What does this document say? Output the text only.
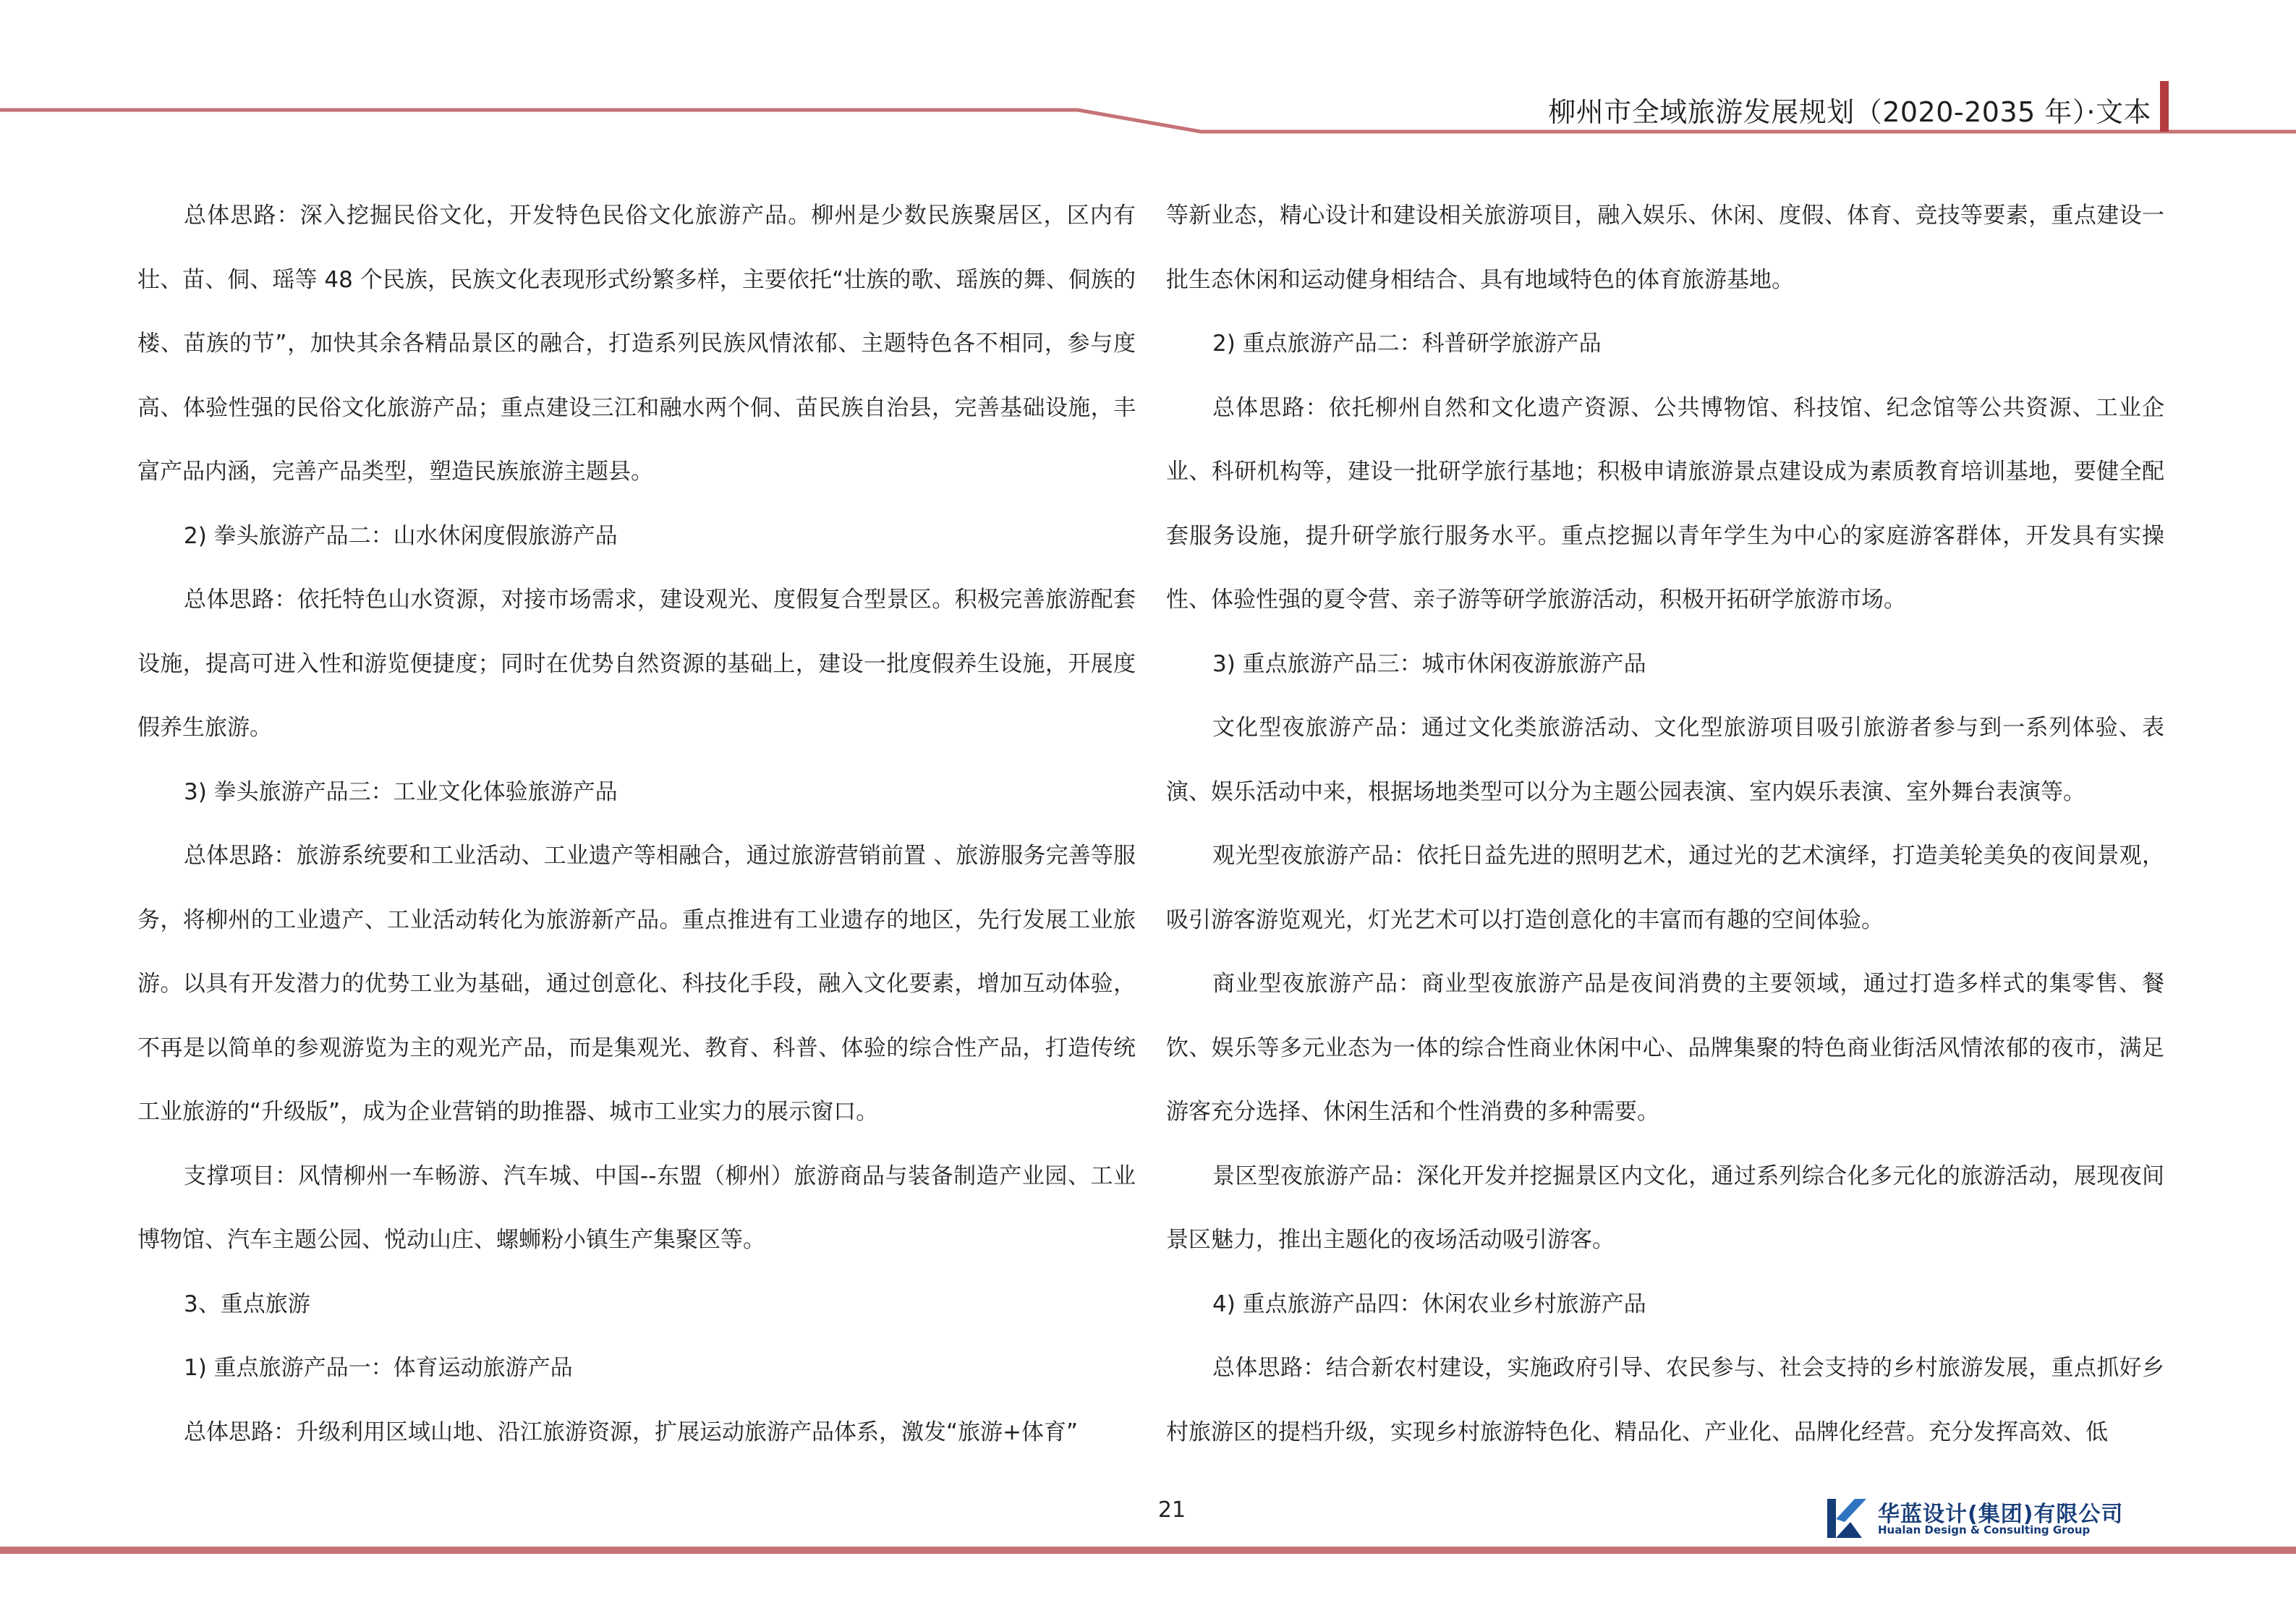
柳州市全域旅游发展规划（2020-2035 年）·文本

总体思路：深入挖掘民俗文化，开发特色民俗文化旅游产品。柳州是少数民族聚居区，区内有壮、苗、侗、瑶等 48 个民族，民族文化表现形式纷繁多样，主要依托“壮族的歌、瑶族的舞、侗族的楼、苗族的节”，加快其余各精品景区的融合，打造系列民族风情浓郁、主题特色各不相同，参与度高、体验性强的民俗文化旅游产品；重点建设三江和融水两个侗、苗民族自治县，完善基础设施，丰富产品内涵，完善产品类型，塑造民族旅游主题县。

2) 拳头旅游产品二：山水休闲度假旅游产品

总体思路：依托特色山水资源，对接市场需求，建设观光、度假复合型景区。积极完善旅游配套设施，提高可进入性和游览便捷度；同时在优势自然资源的基础上，建设一批度假养生设施，开展度假养生旅游。

3) 拳头旅游产品三：工业文化体验旅游产品

总体思路：旅游系统要和工业活动、工业遗产等相融合，通过旅游营销前置 、旅游服务完善等服务，将柳州的工业遗产、工业活动转化为旅游新产品。重点推进有工业遗存的地区，先行发展工业旅游。以具有开发潜力的优势工业为基础，通过创意化、科技化手段，融入文化要素，增加互动体验，不再是以简单的参观游览为主的观光产品，而是集观光、教育、科普、体验的综合性产品，打造传统工业旅游的“升级版”，成为企业营销的助推器、城市工业实力的展示窗口。

支撑项目：风情柳州一车畅游、汽车城、中国--东盟（柳州）旅游商品与装备制造产业园、工业博物馆、汽车主题公园、悦动山庄、螺蛳粉小镇生产集聚区等。

3、重点旅游

1) 重点旅游产品一：体育运动旅游产品

总体思路：升级利用区域山地、沿江旅游资源，扩展运动旅游产品体系，激发“旅游+体育”

等新业态，精心设计和建设相关旅游项目，融入娱乐、休闲、度假、体育、竞技等要素，重点建设一批生态休闲和运动健身相结合、具有地域特色的体育旅游基地。

2) 重点旅游产品二：科普研学旅游产品

总体思路：依托柳州自然和文化遗产资源、公共博物馆、科技馆、纪念馆等公共资源、工业企业、科研机构等，建设一批研学旅行基地；积极申请旅游景点建设成为素质教育培训基地，要健全配套服务设施，提升研学旅行服务水平。重点挖掘以青年学生为中心的家庭游客群体，开发具有实操性、体验性强的夏令营、亲子游等研学旅游活动，积极开拓研学旅游市场。

3) 重点旅游产品三：城市休闲夜游旅游产品

文化型夜旅游产品：通过文化类旅游活动、文化型旅游项目吸引旅游者参与到一系列体验、表演、娱乐活动中来，根据场地类型可以分为主题公园表演、室内娱乐表演、室外舞台表演等。

观光型夜旅游产品：依托日益先进的照明艺术，通过光的艺术演绎，打造美轮美奂的夜间景观，吸引游客游览观光，灯光艺术可以打造创意化的丰富而有趣的空间体验。

商业型夜旅游产品：商业型夜旅游产品是夜间消费的主要领域，通过打造多样式的集零售、餐饮、娱乐等多元业态为一体的综合性商业休闲中心、品牌集聚的特色商业街活风情浓郁的夜市，满足游客充分选择、休闲生活和个性消费的多种需要。

景区型夜旅游产品：深化开发并挖掘景区内文化，通过系列综合化多元化的旅游活动，展现夜间景区魅力，推出主题化的夜场活动吸引游客。

4) 重点旅游产品四：休闲农业乡村旅游产品

总体思路：结合新农村建设，实施政府引导、农民参与、社会支持的乡村旅游发展，重点抓好乡村旅游区的提档升级，实现乡村旅游特色化、精品化、产业化、品牌化经营。充分发挥高效、低

21	华蓝设计(集团)有限公司
Hualan Design & Consulting Group
